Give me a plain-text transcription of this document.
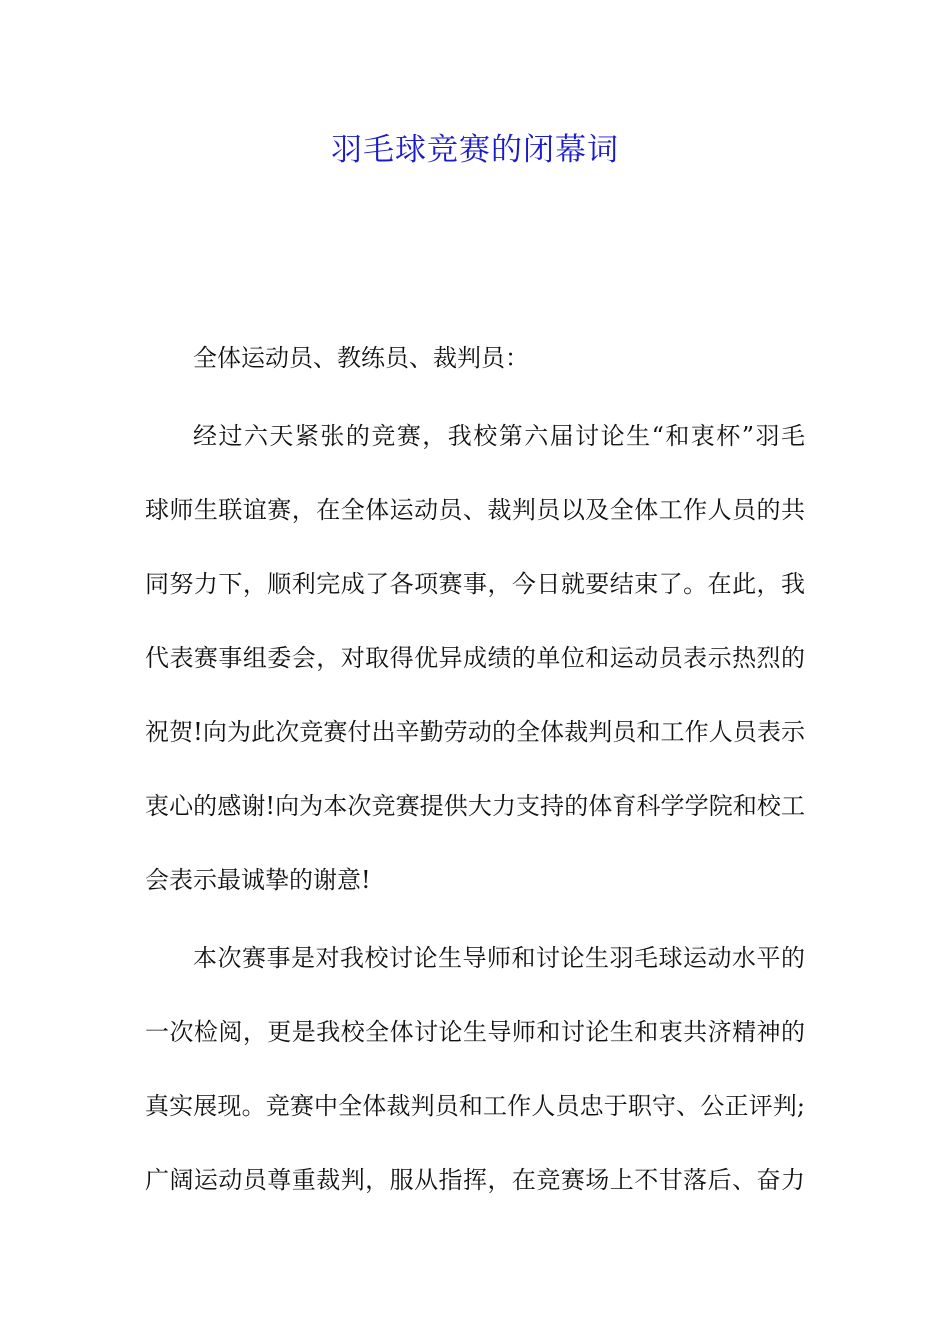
羽毛球竞赛的闭幕词

全体运动员、教练员、裁判员：

经过六天紧张的竞赛，我校第六届讨论生“和衷杯”羽毛

球师生联谊赛，在全体运动员、裁判员以及全体工作人员的共

同努力下，顺利完成了各项赛事，今日就要结束了。在此，我

代表赛事组委会，对取得优异成绩的单位和运动员表示热烈的

祝贺!向为此次竞赛付出辛勤劳动的全体裁判员和工作人员表示

衷心的感谢!向为本次竞赛提供大力支持的体育科学学院和校工

会表示最诚挚的谢意!

本次赛事是对我校讨论生导师和讨论生羽毛球运动水平的

一次检阅，更是我校全体讨论生导师和讨论生和衷共济精神的

真实展现。竞赛中全体裁判员和工作人员忠于职守、公正评判;

广阔运动员尊重裁判，服从指挥，在竞赛场上不甘落后、奋力
